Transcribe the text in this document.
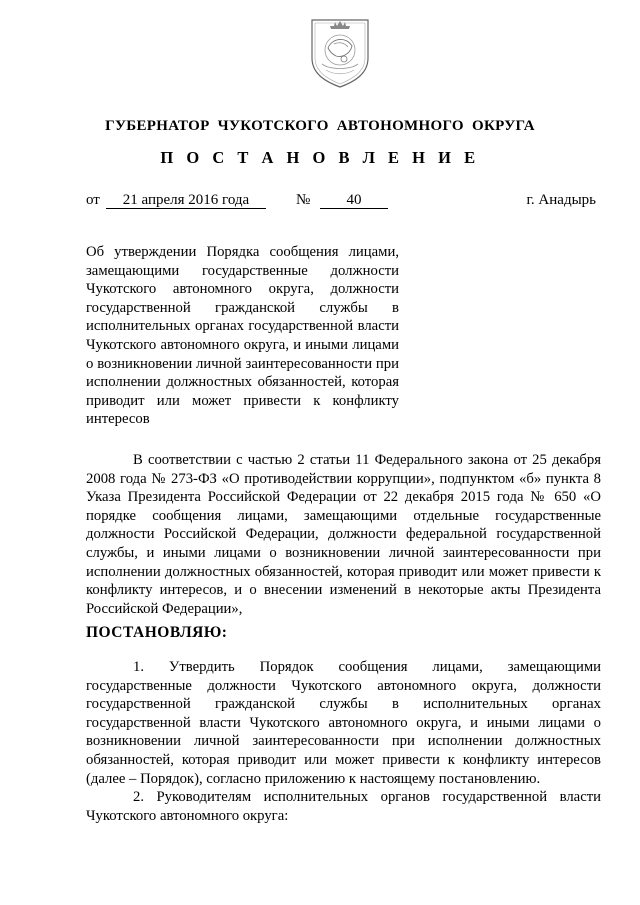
ГУБЕРНАТОР  ЧУКОТСКОГО  АВТОНОМНОГО  ОКРУГА
П О С Т А Н О В Л Е Н И Е
от	21 апреля 2016 года	№	40	г. Анадырь

Об утверждении Порядка сообщения лицами, замещающими государственные должности Чукотского автономного округа, должности государственной гражданской службы в исполнительных органах государственной власти Чукотского автономного округа, и иными лицами о возникновении личной заинтересованности при исполнении должностных обязанностей, которая приводит или может привести к конфликту интересов

В соответствии с частью 2 статьи 11 Федерального закона от 25 декабря 2008 года № 273-ФЗ «О противодействии коррупции», подпунктом «б» пункта 8 Указа Президента Российской Федерации от 22 декабря 2015 года № 650 «О порядке сообщения лицами, замещающими отдельные государственные должности Российской Федерации, должности федеральной государственной службы, и иными лицами о возникновении личной заинтересованности при исполнении должностных обязанностей, которая приводит или может привести к конфликту интересов, и о внесении изменений в некоторые акты Президента Российской Федерации»,

ПОСТАНОВЛЯЮ:

1. Утвердить Порядок сообщения лицами, замещающими государственные должности Чукотского автономного округа, должности государственной гражданской службы в исполнительных органах государственной власти Чукотского автономного округа, и иными лицами о возникновении личной заинтересованности при исполнении должностных обязанностей, которая приводит или может привести к конфликту интересов (далее – Порядок), согласно приложению к настоящему постановлению.

2. Руководителям исполнительных органов государственной власти Чукотского автономного округа:
